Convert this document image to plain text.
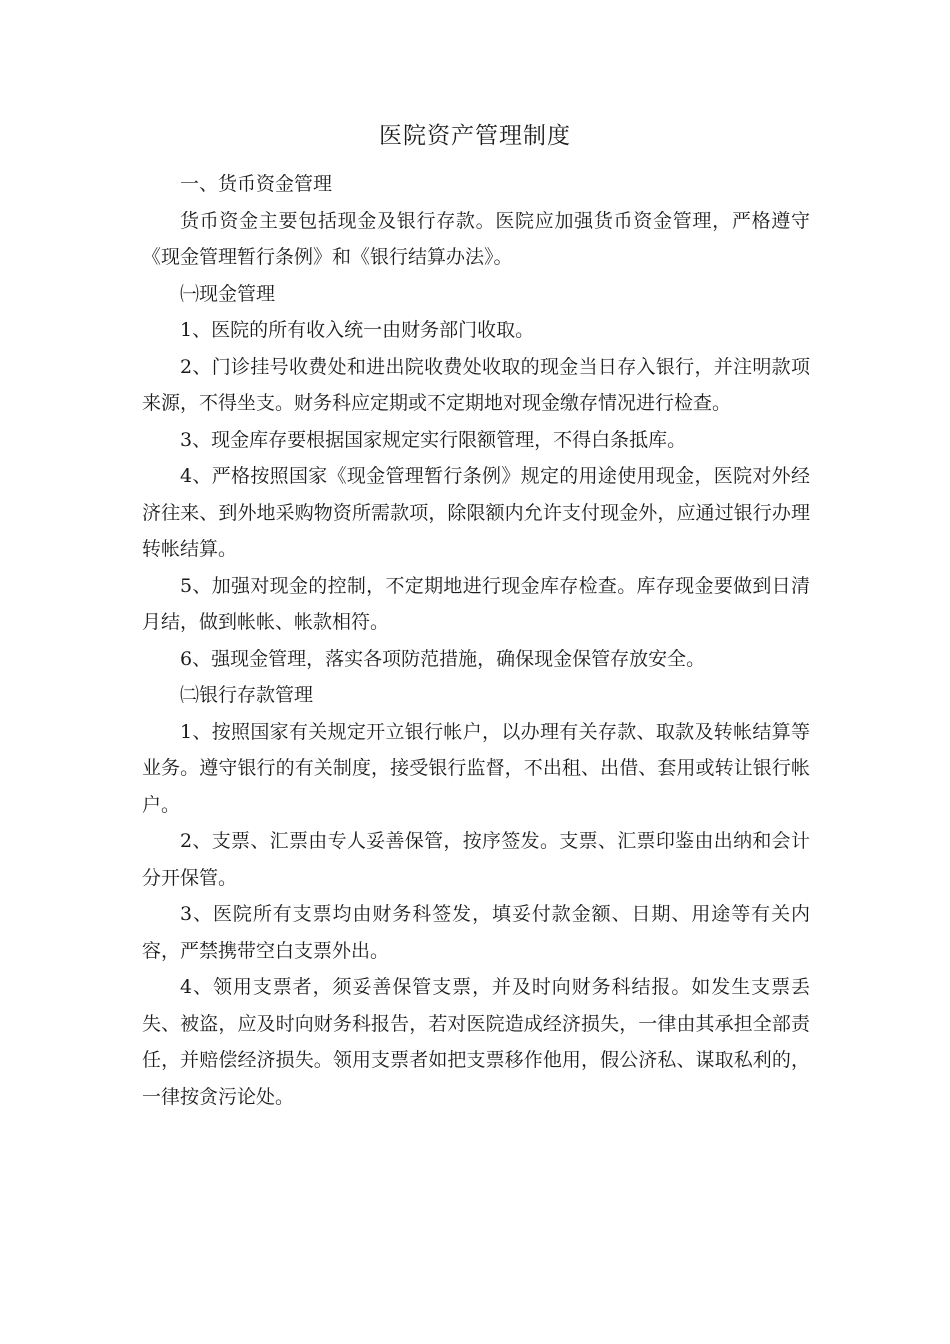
医院资产管理制度

一、货币资金管理

货币资金主要包括现金及银行存款。医院应加强货币资金管理，严格遵守《现金管理暂行条例》和《银行结算办法》。

㈠现金管理

1、医院的所有收入统一由财务部门收取。

2、门诊挂号收费处和进出院收费处收取的现金当日存入银行，并注明款项来源，不得坐支。财务科应定期或不定期地对现金缴存情况进行检查。

3、现金库存要根据国家规定实行限额管理，不得白条抵库。

4、严格按照国家《现金管理暂行条例》规定的用途使用现金，医院对外经济往来、到外地采购物资所需款项，除限额内允许支付现金外，应通过银行办理转帐结算。

5、加强对现金的控制，不定期地进行现金库存检查。库存现金要做到日清月结，做到帐帐、帐款相符。

6、强现金管理，落实各项防范措施，确保现金保管存放安全。

㈡银行存款管理

1、按照国家有关规定开立银行帐户，以办理有关存款、取款及转帐结算等业务。遵守银行的有关制度，接受银行监督，不出租、出借、套用或转让银行帐户。

2、支票、汇票由专人妥善保管，按序签发。支票、汇票印鉴由出纳和会计分开保管。

3、医院所有支票均由财务科签发，填妥付款金额、日期、用途等有关内容，严禁携带空白支票外出。

4、领用支票者，须妥善保管支票，并及时向财务科结报。如发生支票丢失、被盗，应及时向财务科报告，若对医院造成经济损失，一律由其承担全部责任，并赔偿经济损失。领用支票者如把支票移作他用，假公济私、谋取私利的，一律按贪污论处。
